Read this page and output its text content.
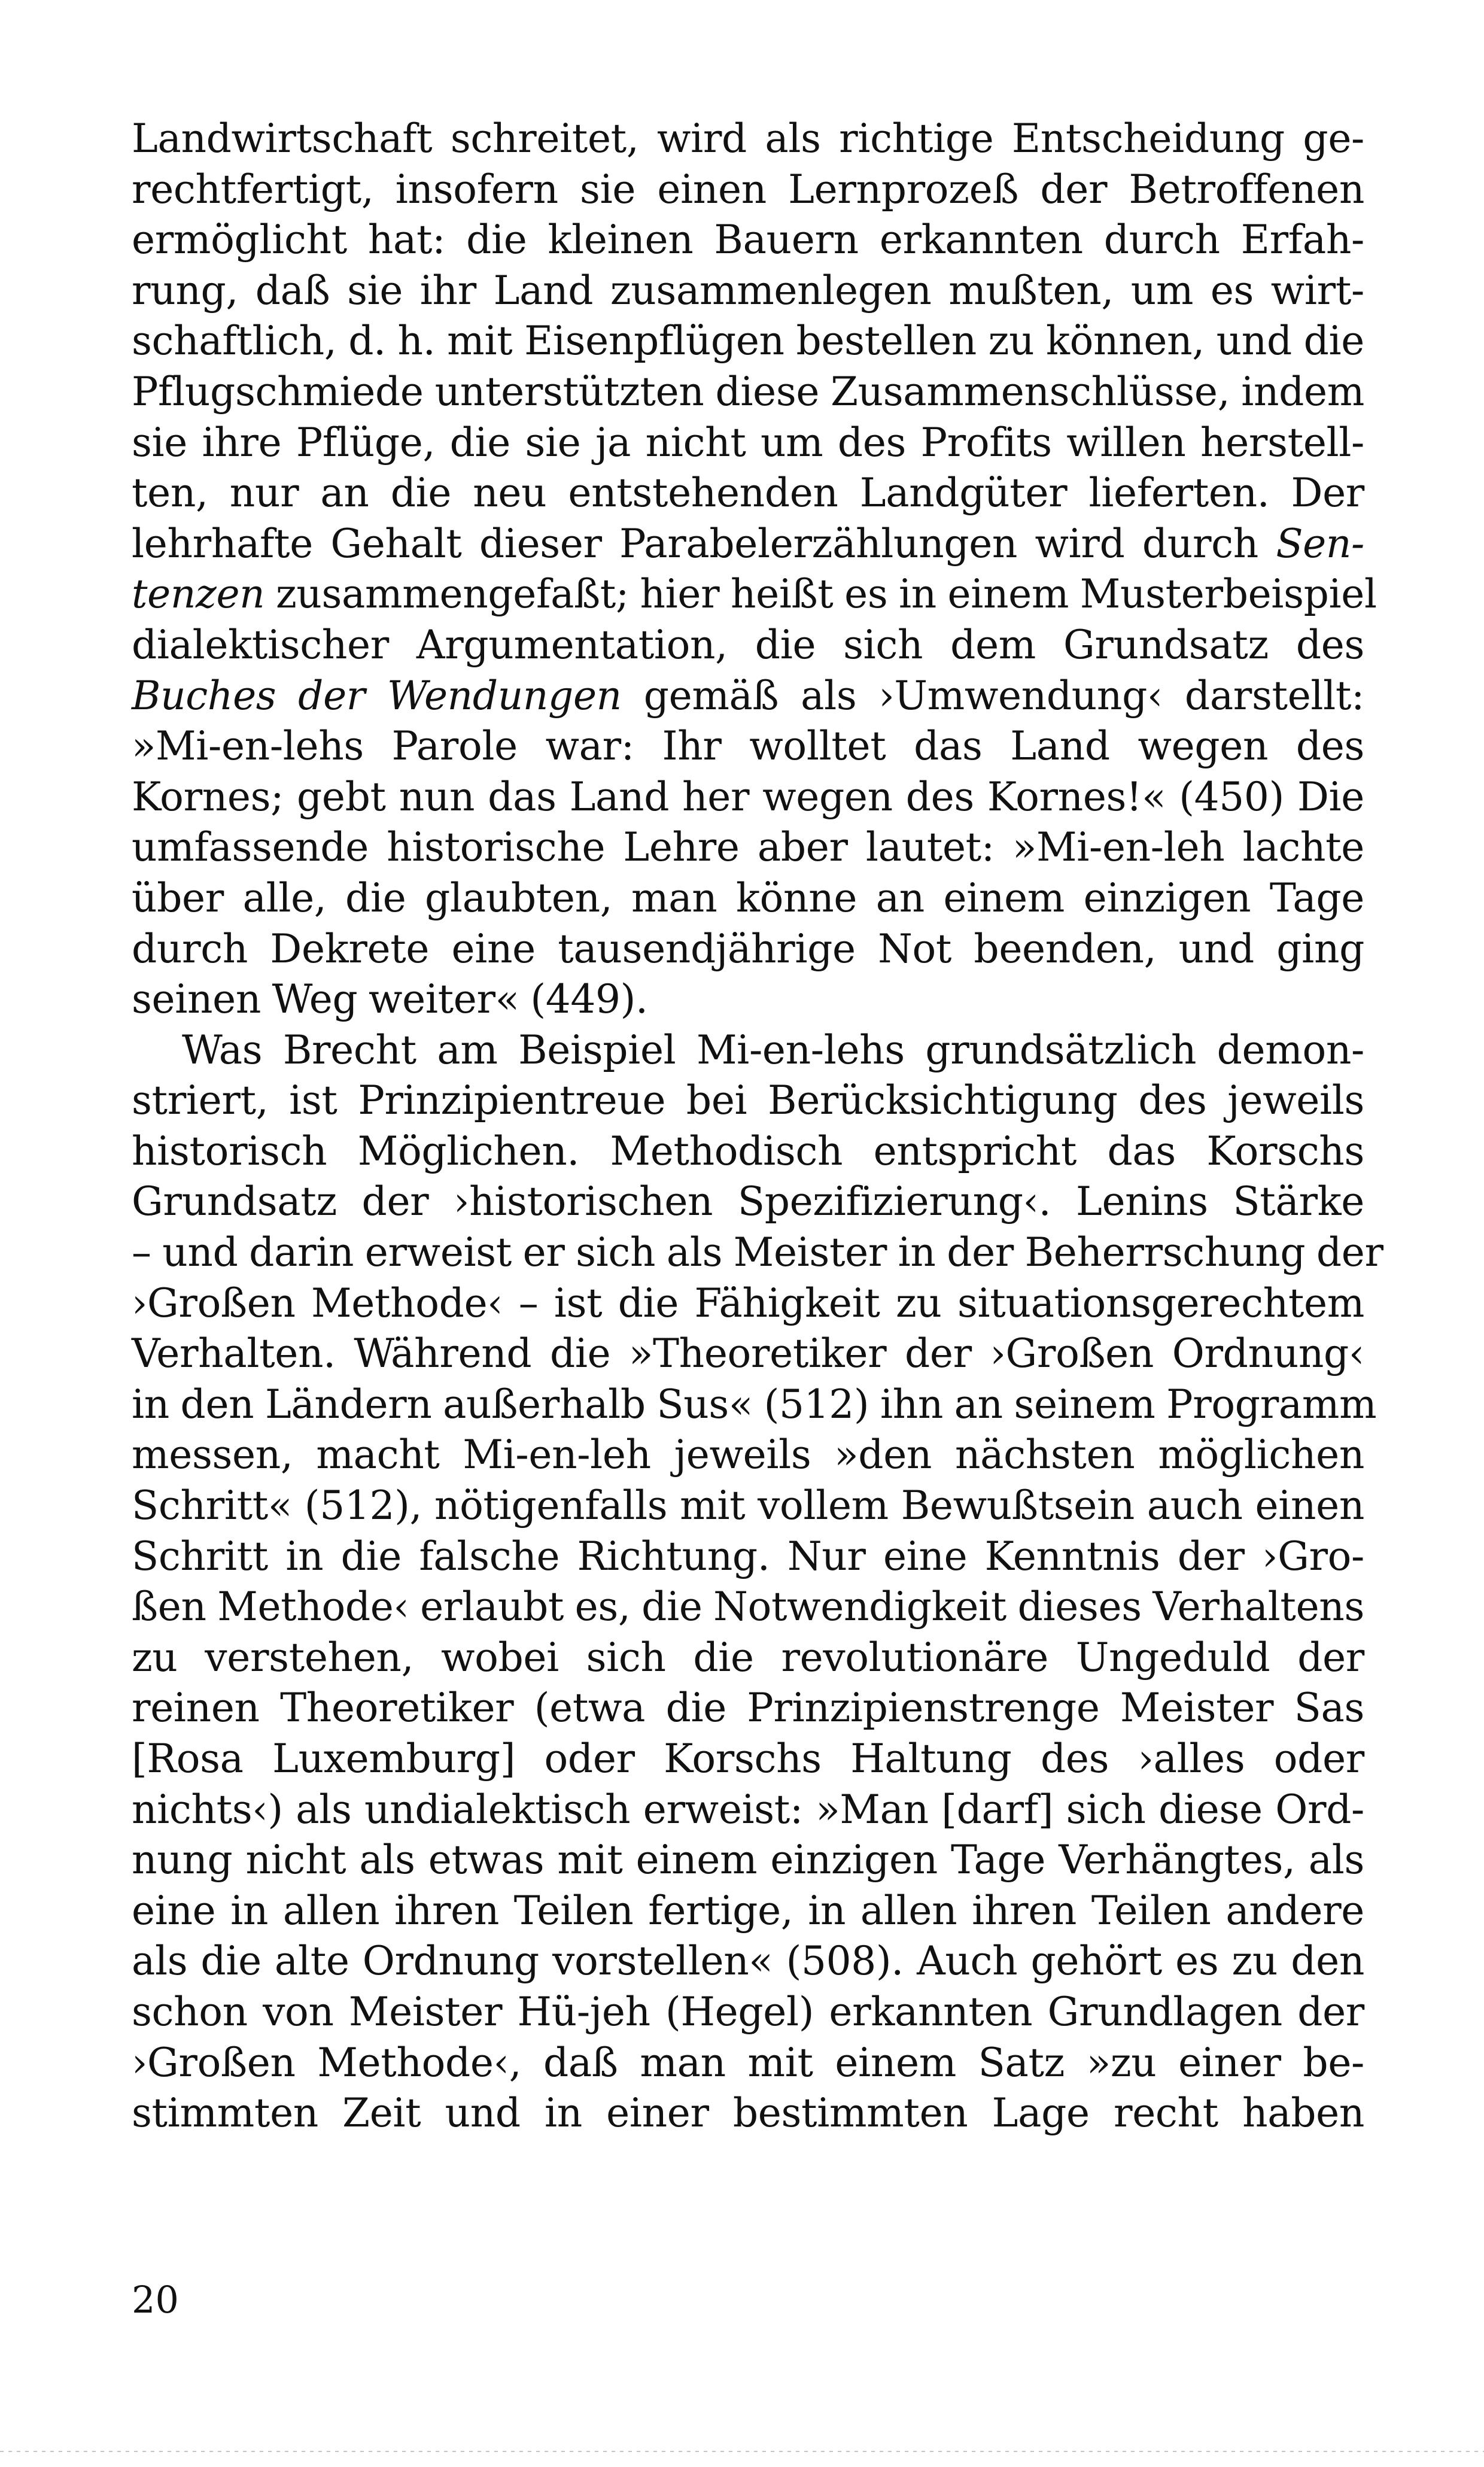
Landwirtschaft schreitet, wird als richtige Entscheidung ge-
rechtfertigt, insofern sie einen Lernprozeß der Betroffenen
ermöglicht hat: die kleinen Bauern erkannten durch Erfah-
rung, daß sie ihr Land zusammenlegen mußten, um es wirt-
schaftlich, d. h. mit Eisenpflügen bestellen zu können, und die
Pflugschmiede unterstützten diese Zusammenschlüsse, indem
sie ihre Pflüge, die sie ja nicht um des Profits willen herstell-
ten, nur an die neu entstehenden Landgüter lieferten. Der
lehrhafte Gehalt dieser Parabelerzählungen wird durch Sen-
tenzen zusammengefaßt; hier heißt es in einem Musterbeispiel
dialektischer Argumentation, die sich dem Grundsatz des
Buches der Wendungen gemäß als ›Umwendung‹ darstellt:
»Mi-en-lehs Parole war: Ihr wolltet das Land wegen des
Kornes; gebt nun das Land her wegen des Kornes!« (450) Die
umfassende historische Lehre aber lautet: »Mi-en-leh lachte
über alle, die glaubten, man könne an einem einzigen Tage
durch Dekrete eine tausendjährige Not beenden, und ging
seinen Weg weiter« (449).
Was Brecht am Beispiel Mi-en-lehs grundsätzlich demon-
striert, ist Prinzipientreue bei Berücksichtigung des jeweils
historisch Möglichen. Methodisch entspricht das Korschs
Grundsatz der ›historischen Spezifizierung‹. Lenins Stärke
– und darin erweist er sich als Meister in der Beherrschung der
›Großen Methode‹ – ist die Fähigkeit zu situationsgerechtem
Verhalten. Während die »Theoretiker der ›Großen Ordnung‹
in den Ländern außerhalb Sus« (512) ihn an seinem Programm
messen, macht Mi-en-leh jeweils »den nächsten möglichen
Schritt« (512), nötigenfalls mit vollem Bewußtsein auch einen
Schritt in die falsche Richtung. Nur eine Kenntnis der ›Gro-
ßen Methode‹ erlaubt es, die Notwendigkeit dieses Verhaltens
zu verstehen, wobei sich die revolutionäre Ungeduld der
reinen Theoretiker (etwa die Prinzipienstrenge Meister Sas
[Rosa Luxemburg] oder Korschs Haltung des ›alles oder
nichts‹) als undialektisch erweist: »Man [darf] sich diese Ord-
nung nicht als etwas mit einem einzigen Tage Verhängtes, als
eine in allen ihren Teilen fertige, in allen ihren Teilen andere
als die alte Ordnung vorstellen« (508). Auch gehört es zu den
schon von Meister Hü-jeh (Hegel) erkannten Grundlagen der
›Großen Methode‹, daß man mit einem Satz »zu einer be-
stimmten Zeit und in einer bestimmten Lage recht haben
20
